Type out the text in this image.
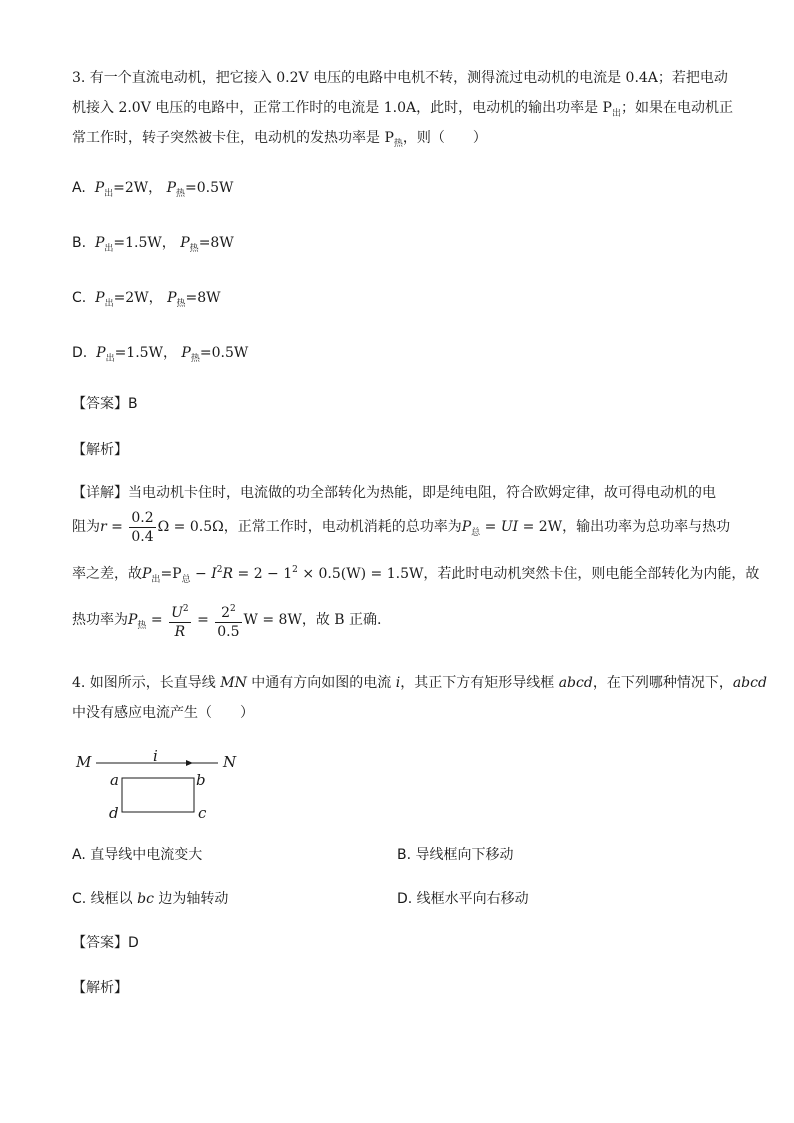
3. 有一个直流电动机，把它接入 0.2V 电压的电路中电机不转，测得流过电动机的电流是 0.4A；若把电动
机接入 2.0V 电压的电路中，正常工作时的电流是 1.0A，此时，电动机的输出功率是 $P_出$；如果在电动机正
常工作时，转子突然被卡住，电动机的发热功率是 $P_热$，则（　　）
A. $P_出=2W$， $P_热=0.5W$
B. $P_出=1.5W$， $P_热=8W$
C. $P_出=2W$， $P_热=8W$
D. $P_出=1.5W$， $P_热=0.5W$
【答案】B
【解析】
【详解】当电动机卡住时，电流做的功全部转化为热能，即是纯电阻，符合欧姆定律，故可得电动机的电
阻为$r = \frac{0.2}{0.4}$ Ω = 0.5Ω，正常工作时，电动机消耗的总功率为$P_总$ = UI = 2W，输出功率为总功率与热功
率之差，故$P_出=P_总 - I^2R = 2 - 1^2 \times 0.5(W) = 1.5W$，若此时电动机突然卡住，则电能全部转化为内能，故
热功率为$P_热 = \frac{U^2}{R} = \frac{2^2}{0.5}$ W = 8W，故 B 正确.
4. 如图所示，长直导线 MN 中通有方向如图的电流 i，其正下方有矩形导线框 abcd，在下列哪种情况下，abcd
中没有感应电流产生（　　）
M	i	N
a	b
d	c
A. 直导线中电流变大	B. 导线框向下移动
C. 线框以 bc 边为轴转动	D. 线框水平向右移动
【答案】D
【解析】
